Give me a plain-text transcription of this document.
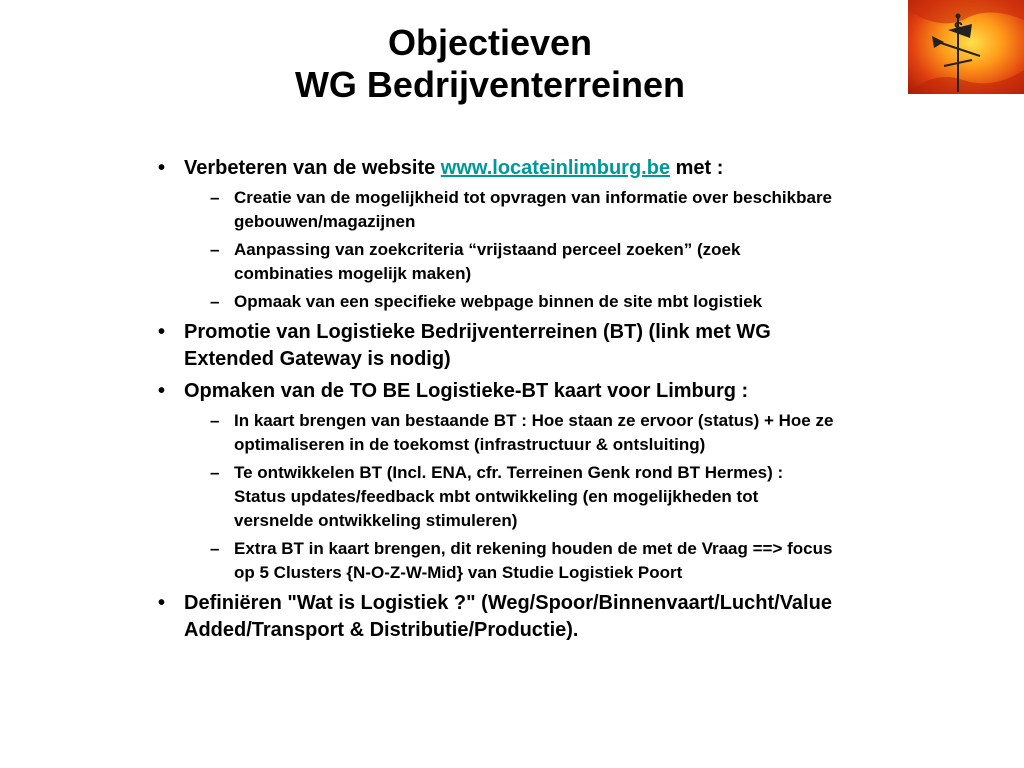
Objectieven
WG Bedrijventerreinen
$
• Verbeteren van de website www.locateinlimburg.be met :
– Creatie van de mogelijkheid tot opvragen van informatie over beschikbare gebouwen/magazijnen
– Aanpassing van zoekcriteria “vrijstaand perceel zoeken” (zoek combinaties mogelijk maken)
– Opmaak van een specifieke webpage binnen de site mbt logistiek
• Promotie van Logistieke Bedrijventerreinen (BT) (link met WG Extended Gateway is nodig)
• Opmaken van de TO BE Logistieke-BT kaart voor Limburg :
– In kaart brengen van bestaande BT : Hoe staan ze ervoor (status) + Hoe ze optimaliseren in de toekomst (infrastructuur & ontsluiting)
– Te ontwikkelen BT (Incl. ENA, cfr. Terreinen Genk rond BT Hermes) : Status updates/feedback mbt ontwikkeling (en mogelijkheden tot versnelde ontwikkeling stimuleren)
– Extra BT in kaart brengen, dit rekening houden de met de Vraag ==> focus op 5 Clusters {N-O-Z-W-Mid} van Studie Logistiek Poort
• Definiëren "Wat is Logistiek ?" (Weg/Spoor/Binnenvaart/Lucht/Value Added/Transport & Distributie/Productie).
